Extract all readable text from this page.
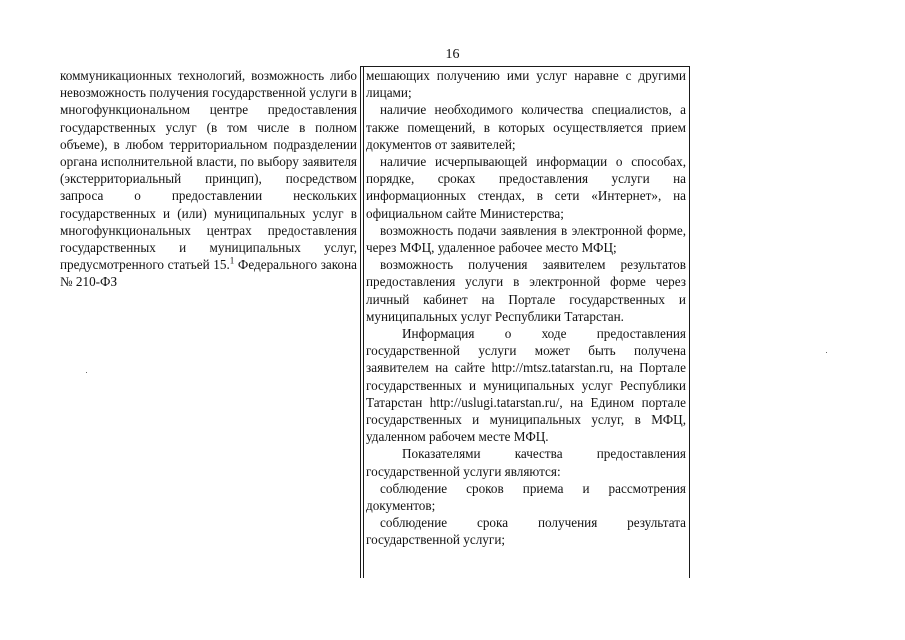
16

коммуникационных технологий, возможность либо невозможность получения государственной услуги в многофункциональном центре предоставления государственных услуг (в том числе в полном объеме), в любом территориальном подразделении органа исполнительной власти, по выбору заявителя (экстерриториальный принцип), посредством запроса о предоставлении нескольких государственных и (или) муниципальных услуг в многофункциональных центрах предоставления государственных и муниципальных услуг, предусмотренного статьей 15.$^1$ Федерального закона № 210-ФЗ

мешающих получению ими услуг наравне с другими лицами;

наличие необходимого количества специалистов, а также помещений, в которых осуществляется прием документов от заявителей;

наличие исчерпывающей информации о способах, порядке, сроках предоставления услуги на информационных стендах, в сети «Интернет», на официальном сайте Министерства;

возможность подачи заявления в электронной форме, через МФЦ, удаленное рабочее место МФЦ;

возможность получения заявителем результатов предоставления услуги в электронной форме через личный кабинет на Портале государственных и муниципальных услуг Республики Татарстан.

Информация о ходе предоставления государственной услуги может быть получена заявителем на сайте http://mtsz.tatarstan.ru, на Портале государственных и муниципальных услуг Республики Татарстан http://uslugi.tatarstan.ru/, на Едином портале государственных и муниципальных услуг, в МФЦ, удаленном рабочем месте МФЦ.

Показателями качества предоставления государственной услуги являются:

соблюдение сроков приема и рассмотрения документов;

соблюдение срока получения результата государственной услуги;
